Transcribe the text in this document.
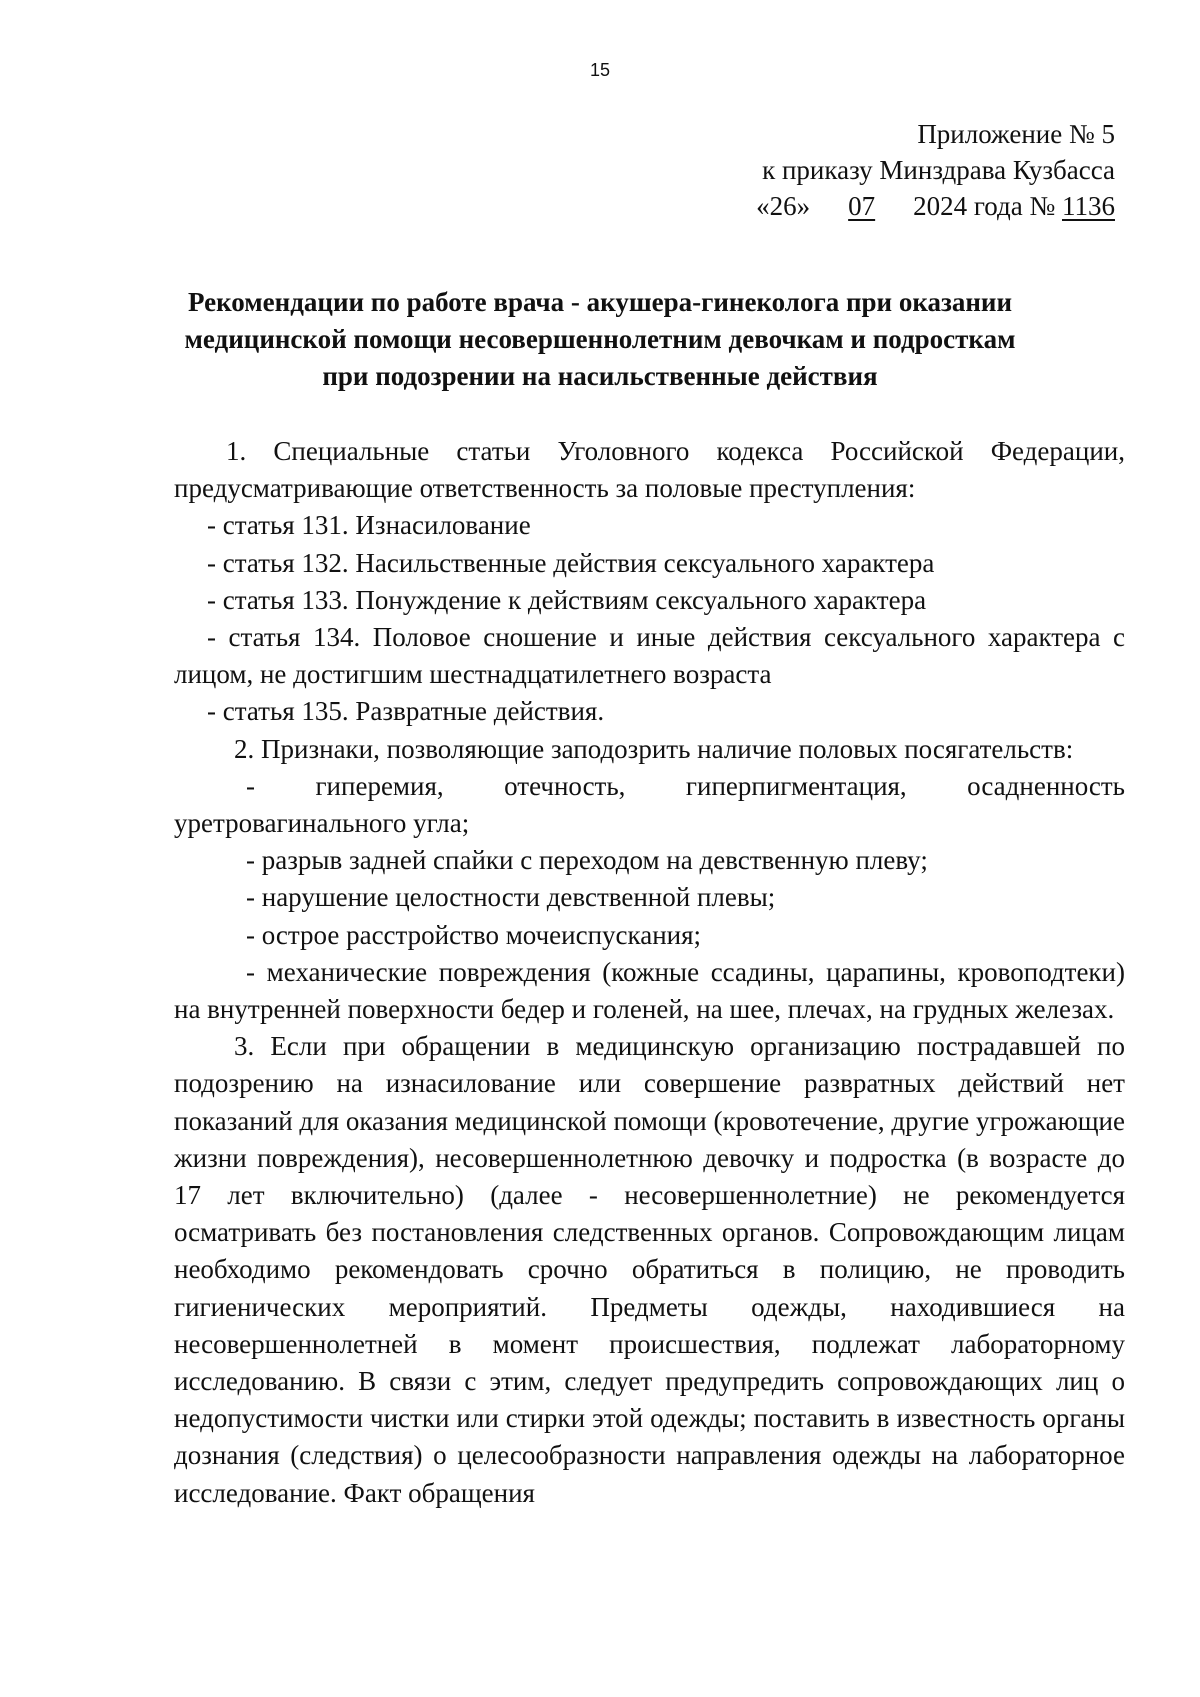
15
Приложение № 5
к приказу Минздрава Кузбасса
«26» 07 2024 года № 1136
Рекомендации по работе врача - акушера-гинеколога при оказании
медицинской помощи несовершеннолетним девочкам и подросткам
при подозрении на насильственные действия

1. Специальные статьи Уголовного кодекса Российской Федерации, предусматривающие ответственность за половые преступления:

- статья 131. Изнасилование

- статья 132. Насильственные действия сексуального характера

- статья 133. Понуждение к действиям сексуального характера

- статья 134. Половое сношение и иные действия сексуального характера с лицом, не достигшим шестнадцатилетнего возраста

- статья 135. Развратные действия.

2. Признаки, позволяющие заподозрить наличие половых посягательств:

- гиперемия, отечность, гиперпигментация, осадненность уретровагинального угла;

- разрыв задней спайки с переходом на девственную плеву;

- нарушение целостности девственной плевы;

- острое расстройство мочеиспускания;

- механические повреждения (кожные ссадины, царапины, кровоподтеки) на внутренней поверхности бедер и голеней, на шее, плечах, на грудных железах.

3. Если при обращении в медицинскую организацию пострадавшей по подозрению на изнасилование или совершение развратных действий нет показаний для оказания медицинской помощи (кровотечение, другие угрожающие жизни повреждения), несовершеннолетнюю девочку и подростка (в возрасте до 17 лет включительно) (далее - несовершеннолетние) не рекомендуется осматривать без постановления следственных органов. Сопровождающим лицам необходимо рекомендовать срочно обратиться в полицию, не проводить гигиенических мероприятий. Предметы одежды, находившиеся на несовершеннолетней в момент происшествия, подлежат лабораторному исследованию. В связи с этим, следует предупредить сопровождающих лиц о недопустимости чистки или стирки этой одежды; поставить в известность органы дознания (следствия) о целесообразности направления одежды на лабораторное исследование. Факт обращения
